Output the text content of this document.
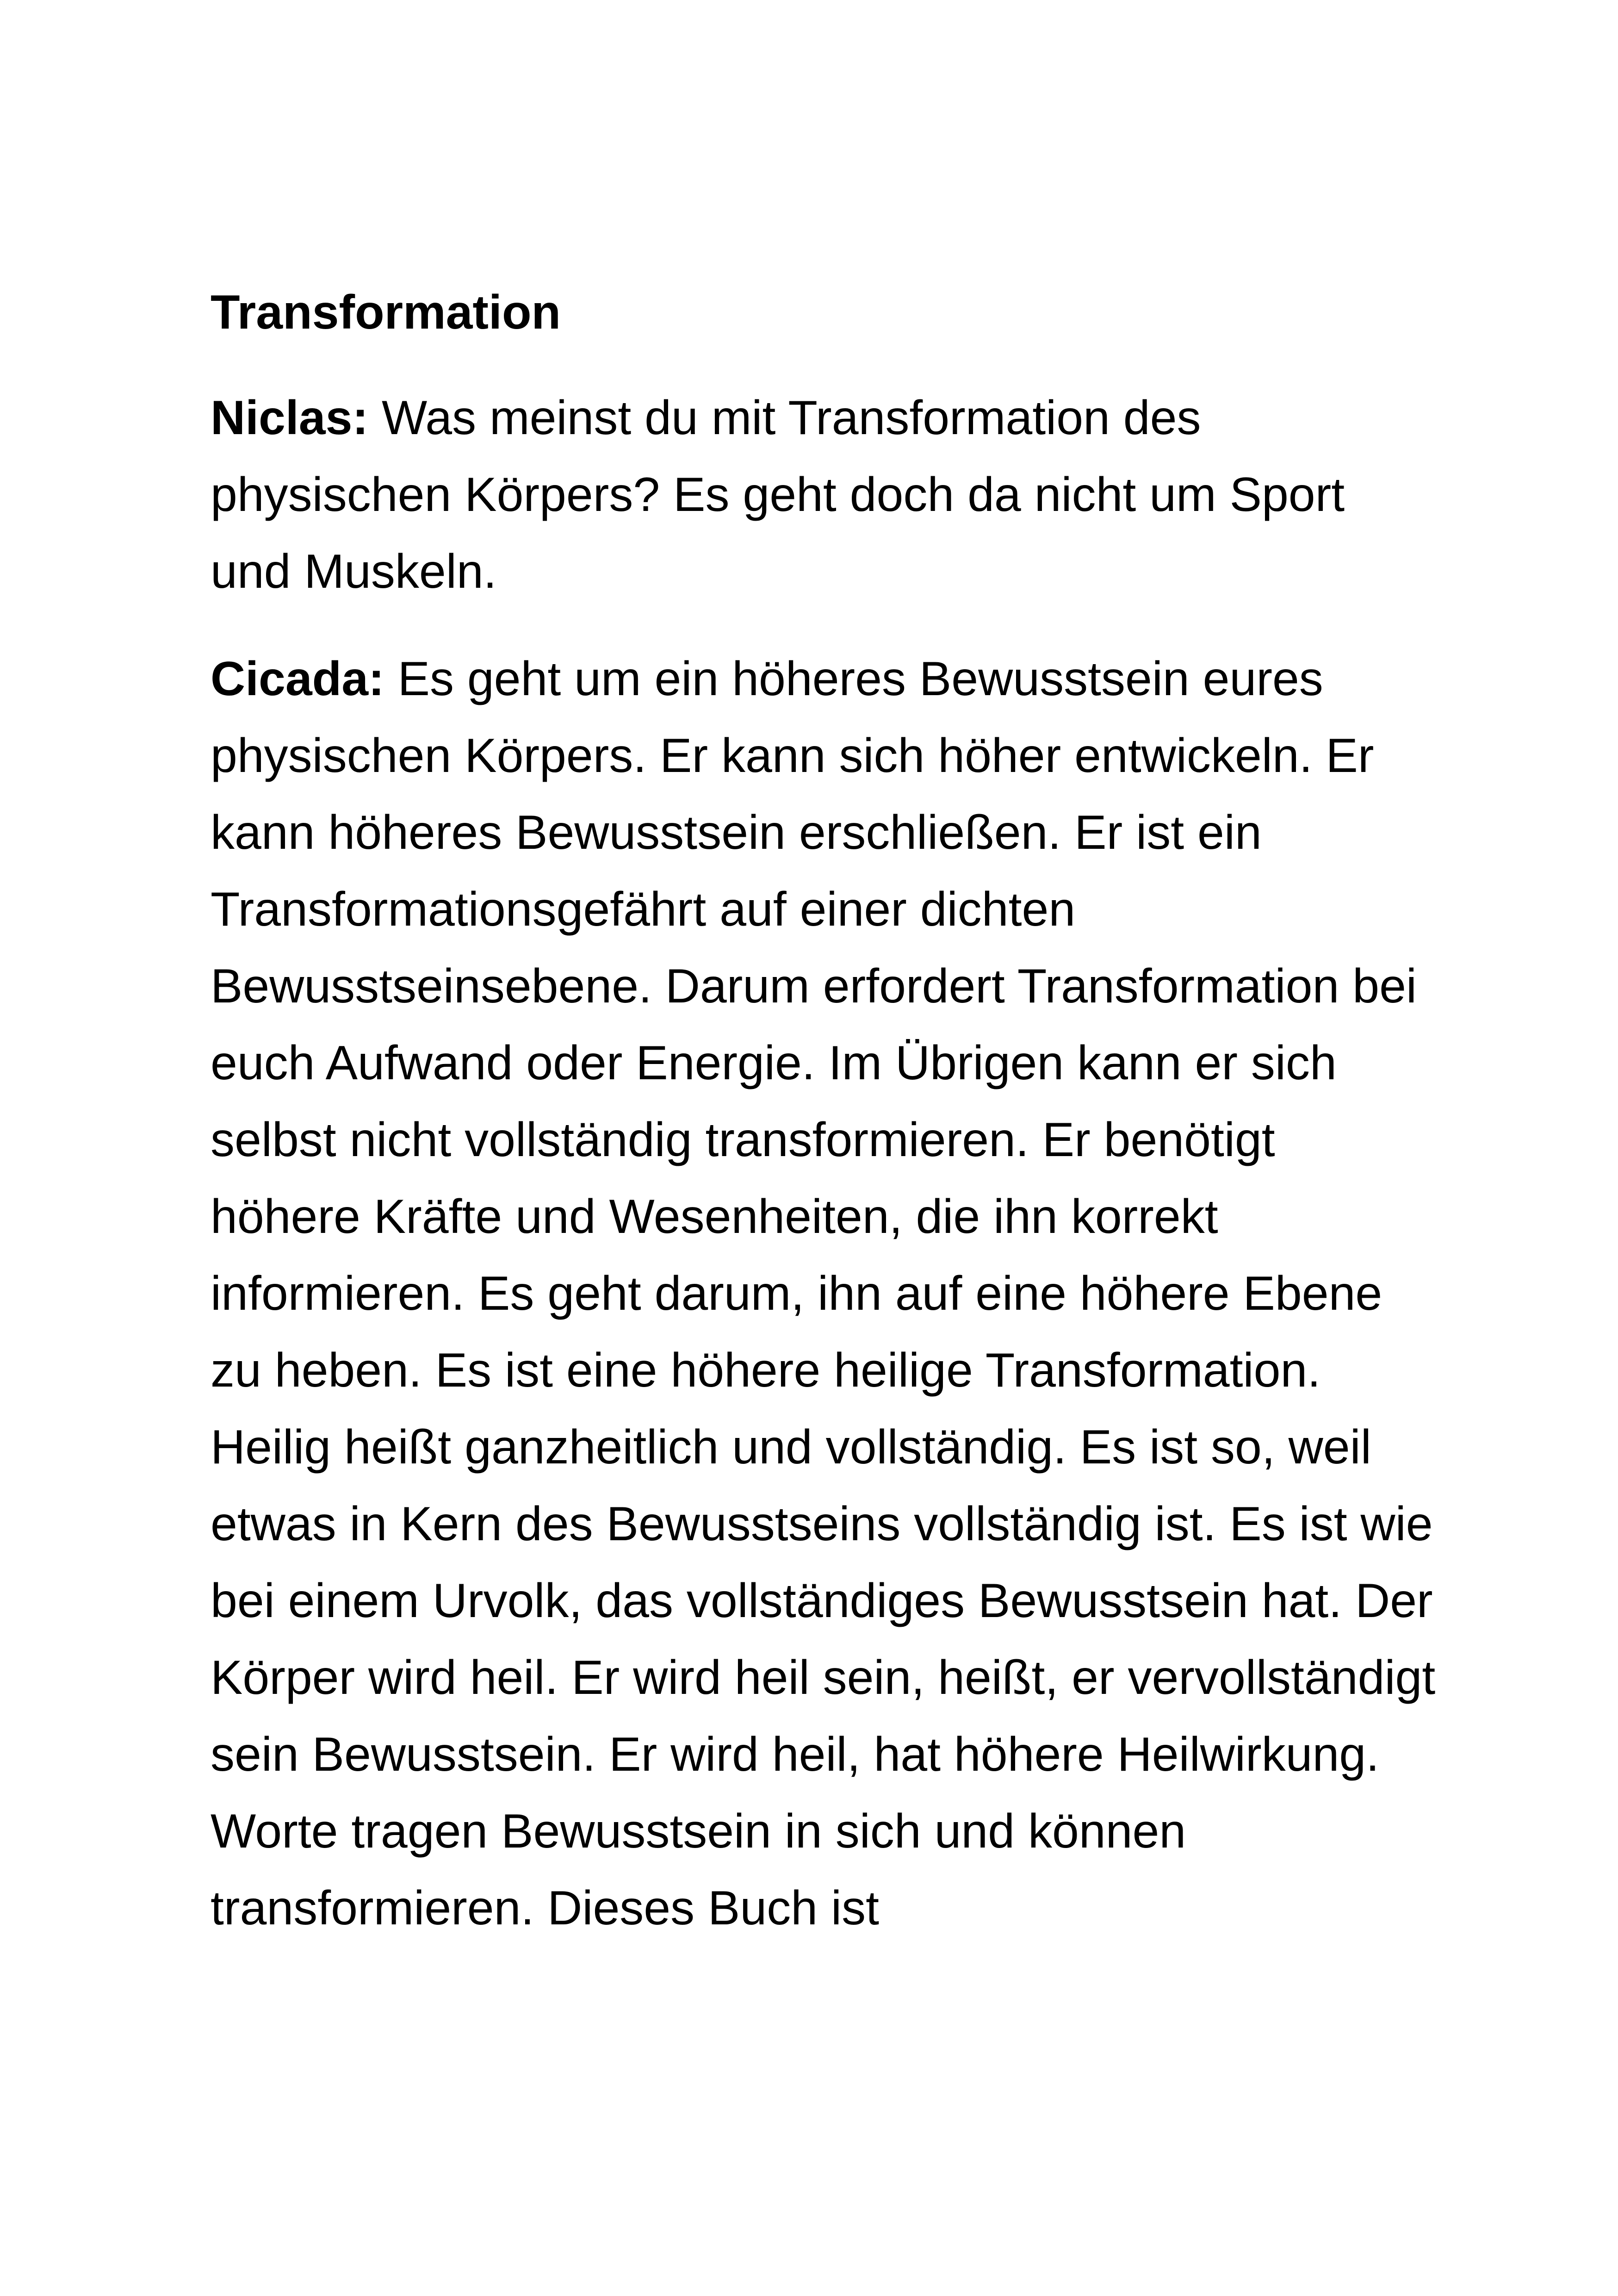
Transformation

Niclas: Was meinst du mit Transformation des physischen Körpers? Es geht doch da nicht um Sport und Muskeln.

Cicada: Es geht um ein höheres Bewusstsein eures physischen Körpers. Er kann sich höher entwickeln. Er kann höheres Bewusstsein erschließen. Er ist ein Transformationsgefährt auf einer dichten Bewusstseinsebene. Darum erfordert Transformation bei euch Aufwand oder Energie. Im Übrigen kann er sich selbst nicht vollständig transformieren. Er benötigt höhere Kräfte und Wesenheiten, die ihn korrekt informieren. Es geht darum, ihn auf eine höhere Ebene zu heben. Es ist eine höhere heilige Transformation. Heilig heißt ganzheitlich und vollständig. Es ist so, weil etwas in Kern des Bewusstseins vollständig ist. Es ist wie bei einem Urvolk, das vollständiges Bewusstsein hat. Der Körper wird heil. Er wird heil sein, heißt, er vervollständigt sein Bewusstsein. Er wird heil, hat höhere Heilwirkung. Worte tragen Bewusstsein in sich und können transformieren. Dieses Buch ist
